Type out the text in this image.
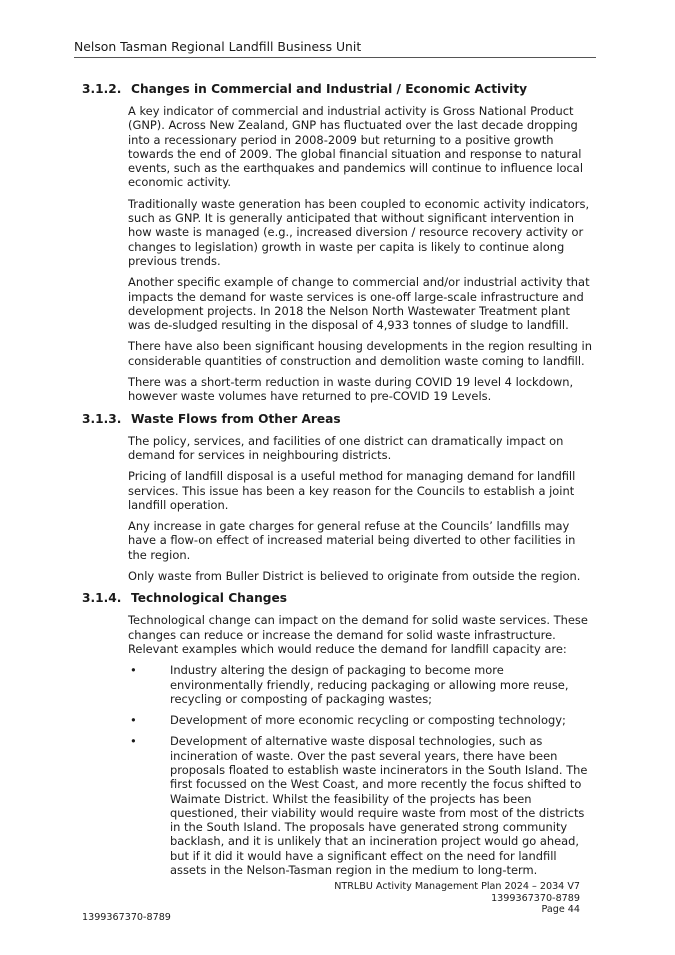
Nelson Tasman Regional Landfill Business Unit
3.1.2. Changes in Commercial and Industrial / Economic Activity

A key indicator of commercial and industrial activity is Gross National Product (GNP). Across New Zealand, GNP has fluctuated over the last decade dropping into a recessionary period in 2008-2009 but returning to a positive growth towards the end of 2009. The global financial situation and response to natural events, such as the earthquakes and pandemics will continue to influence local economic activity.

Traditionally waste generation has been coupled to economic activity indicators, such as GNP. It is generally anticipated that without significant intervention in how waste is managed (e.g., increased diversion / resource recovery activity or changes to legislation) growth in waste per capita is likely to continue along previous trends.

Another specific example of change to commercial and/or industrial activity that impacts the demand for waste services is one-off large-scale infrastructure and development projects. In 2018 the Nelson North Wastewater Treatment plant was de-sludged resulting in the disposal of 4,933 tonnes of sludge to landfill.

There have also been significant housing developments in the region resulting in considerable quantities of construction and demolition waste coming to landfill.

There was a short-term reduction in waste during COVID 19 level 4 lockdown, however waste volumes have returned to pre-COVID 19 Levels.

3.1.3. Waste Flows from Other Areas

The policy, services, and facilities of one district can dramatically impact on demand for services in neighbouring districts.

Pricing of landfill disposal is a useful method for managing demand for landfill services. This issue has been a key reason for the Councils to establish a joint landfill operation.

Any increase in gate charges for general refuse at the Councils’ landfills may have a flow-on effect of increased material being diverted to other facilities in the region.

Only waste from Buller District is believed to originate from outside the region.

3.1.4. Technological Changes

Technological change can impact on the demand for solid waste services. These changes can reduce or increase the demand for solid waste infrastructure. Relevant examples which would reduce the demand for landfill capacity are:

•	Industry altering the design of packaging to become more environmentally friendly, reducing packaging or allowing more reuse, recycling or composting of packaging wastes;
•	Development of more economic recycling or composting technology;
•	Development of alternative waste disposal technologies, such as incineration of waste. Over the past several years, there have been proposals floated to establish waste incinerators in the South Island. The first focussed on the West Coast, and more recently the focus shifted to Waimate District. Whilst the feasibility of the projects has been questioned, their viability would require waste from most of the districts in the South Island. The proposals have generated strong community backlash, and it is unlikely that an incineration project would go ahead, but if it did it would have a significant effect on the need for landfill assets in the Nelson-Tasman region in the medium to long-term.
NTRLBU Activity Management Plan 2024 – 2034 V7
1399367370-8789
Page 44
1399367370-8789
